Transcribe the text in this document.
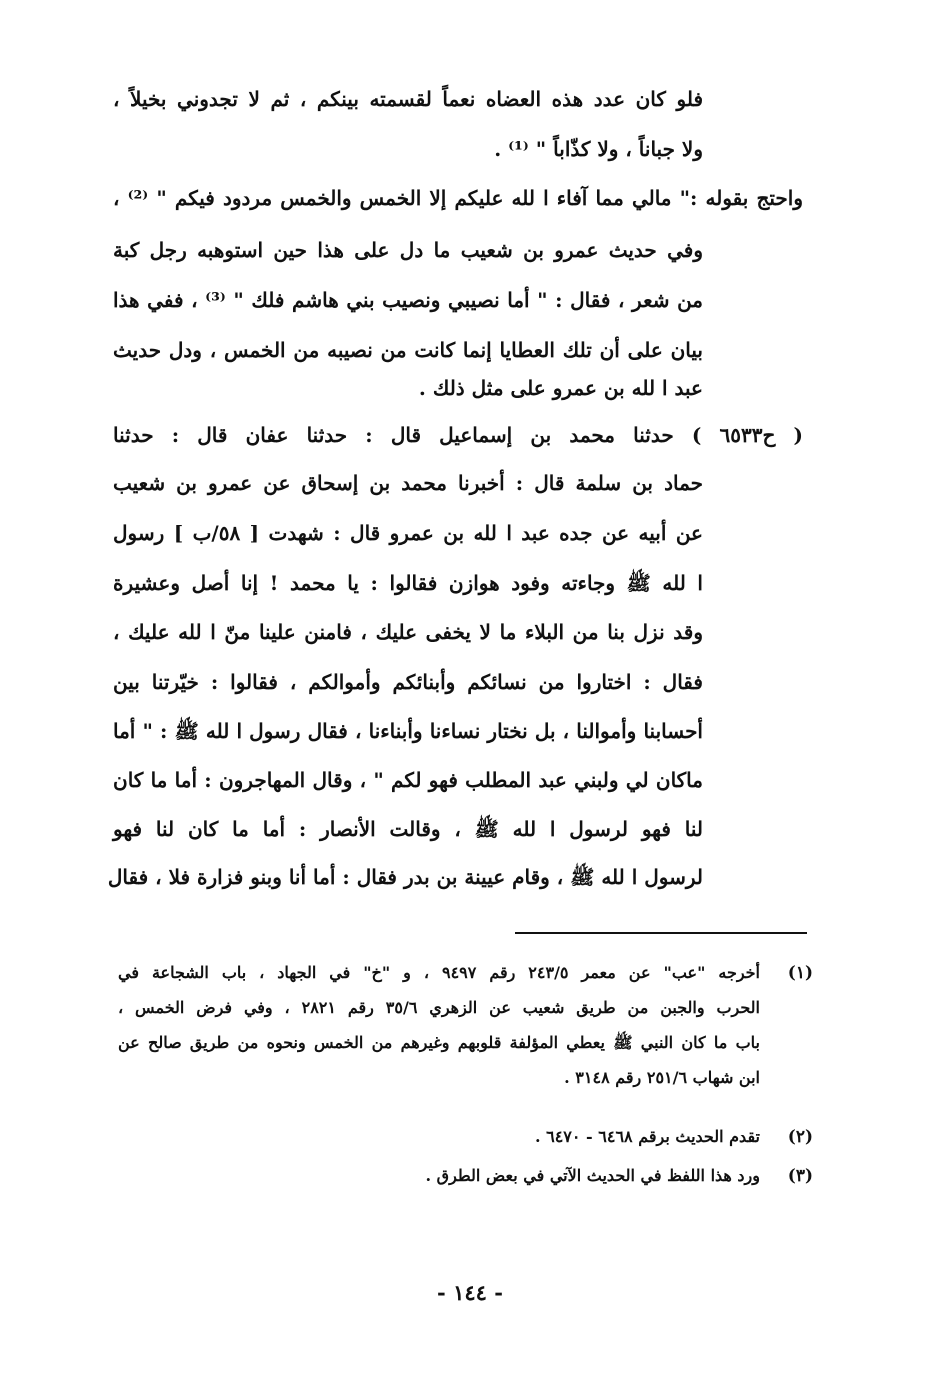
فلو كان عدد هذه العضاه نعماً لقسمته بينكم ، ثم لا تجدوني بخيلاً ،
ولا جباناً ، ولا كذّاباً " ⁽¹⁾ .
واحتج بقوله :" مالي مما آفاء ا لله عليكم إلا الخمس والخمس مردود فيكم " ⁽²⁾ ،
وفي حديث عمرو بن شعيب ما دل على هذا حين استوهبه رجل كبة
من شعر ، فقال : " أما نصيبي ونصيب بني هاشم فلك " ⁽³⁾ ، ففي هذا
بيان على أن تلك العطايا إنما كانت من نصيبه من الخمس ، ودل حديث
عبد ا لله بن عمرو على مثل ذلك .
( ح٦٥٣٣ ) حدثنا محمد بن إسماعيل قال : حدثنا عفان قال : حدثنا
حماد بن سلمة قال : أخبرنا محمد بن إسحاق عن عمرو بن شعيب
عن أبيه عن جده عبد ا لله بن عمرو قال : شهدت [ ٥٨/ب ] رسول
ا لله ﷺ وجاءته وفود هوازن فقالوا : يا محمد ! إنا أصل وعشيرة
وقد نزل بنا من البلاء ما لا يخفى عليك ، فامنن علينا منّ ا لله عليك ،
فقال : اختاروا من نسائكم وأبنائكم وأموالكم ، فقالوا : خيّرتنا بين
أحسابنا وأموالنا ، بل نختار نساءنا وأبناءنا ، فقال رسول ا لله ﷺ : " أما
ماكان لي ولبني عبد المطلب فهو لكم " ، وقال المهاجرون : أما ما كان
لنا فهو لرسول ا لله ﷺ ، وقالت الأنصار : أما ما كان لنا فهو
لرسول ا لله ﷺ ، وقام عيينة بن بدر فقال : أما أنا وبنو فزارة فلا ، فقال
(١)
أخرجه "عب" عن معمر ٢٤٣/٥ رقم ٩٤٩٧ ، و "خ" في الجهاد ، باب الشجاعة في
الحرب والجبن من طريق شعيب عن الزهري ٣٥/٦ رقم ٢٨٢١ ، وفي فرض الخمس ،
باب ما كان النبي ﷺ يعطي المؤلفة قلوبهم وغيرهم من الخمس ونحوه من طريق صالح عن
ابن شهاب ٢٥١/٦ رقم ٣١٤٨ .
(٢)
تقدم الحديث برقم ٦٤٦٨ - ٦٤٧٠ .
(٣)
ورد هذا اللفظ في الحديث الآتي في بعض الطرق .
- ١٤٤ -
